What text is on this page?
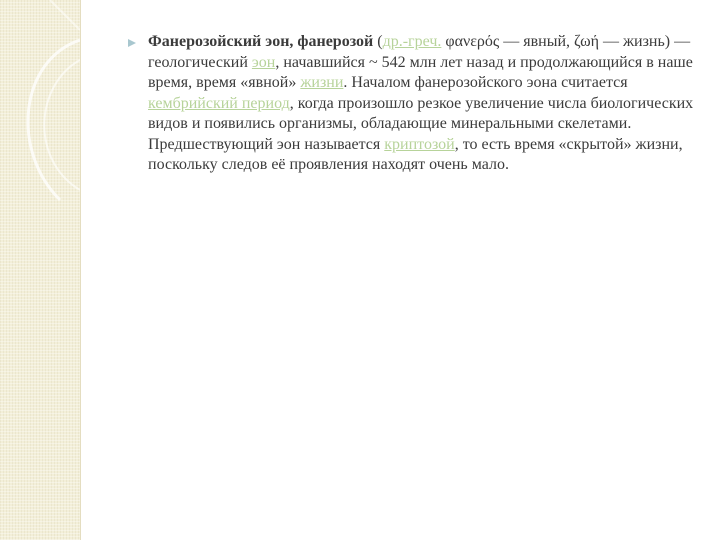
Фанерозойский эон, фанерозой (др.-греч. φανερός — явный, ζωή — жизнь) — геологический эон, начавшийся ~ 542 млн лет назад и продолжающийся в наше время, время «явной» жизни. Началом фанерозойского эона считается кембрийский период, когда произошло резкое увеличение числа биологических видов и появились организмы, обладающие минеральными скелетами. Предшествующий эон называется криптозой, то есть время «скрытой» жизни, поскольку следов её проявления находят очень мало.
